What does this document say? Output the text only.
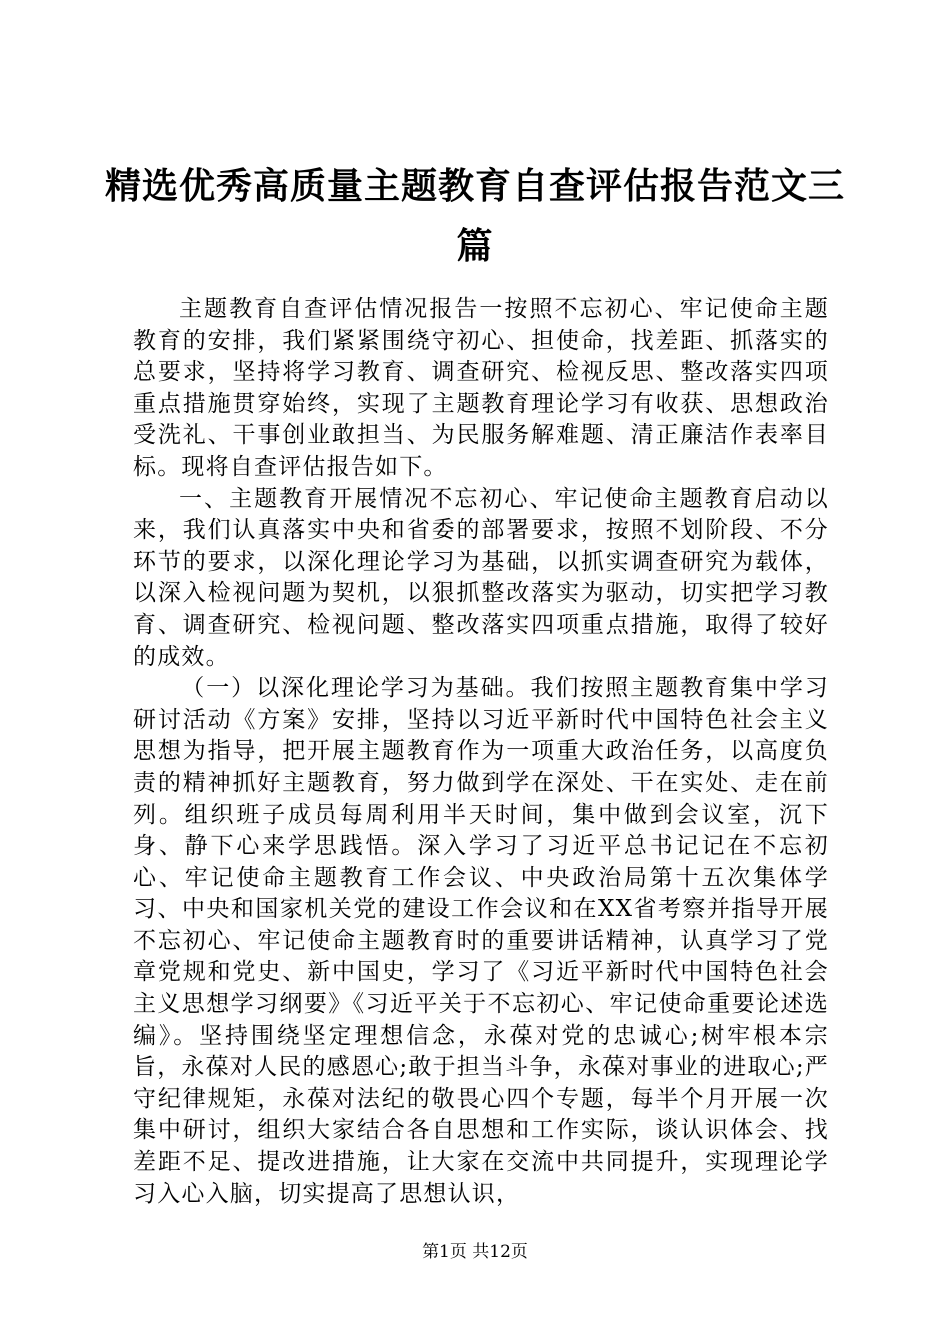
精选优秀高质量主题教育自查评估报告范文三篇

主题教育自查评估情况报告一按照不忘初心、牢记使命主题教育的安排，我们紧紧围绕守初心、担使命，找差距、抓落实的总要求，坚持将学习教育、调查研究、检视反思、整改落实四项重点措施贯穿始终，实现了主题教育理论学习有收获、思想政治受洗礼、干事创业敢担当、为民服务解难题、清正廉洁作表率目标。现将自查评估报告如下。

一、主题教育开展情况不忘初心、牢记使命主题教育启动以来，我们认真落实中央和省委的部署要求，按照不划阶段、不分环节的要求，以深化理论学习为基础，以抓实调查研究为载体，以深入检视问题为契机，以狠抓整改落实为驱动，切实把学习教育、调查研究、检视问题、整改落实四项重点措施，取得了较好的成效。

（一）以深化理论学习为基础。我们按照主题教育集中学习研讨活动《方案》安排，坚持以习近平新时代中国特色社会主义思想为指导，把开展主题教育作为一项重大政治任务，以高度负责的精神抓好主题教育，努力做到学在深处、干在实处、走在前列。组织班子成员每周利用半天时间，集中做到会议室，沉下身、静下心来学思践悟。深入学习了习近平总书记记在不忘初心、牢记使命主题教育工作会议、中央政治局第十五次集体学习、中央和国家机关党的建设工作会议和在XX省考察并指导开展不忘初心、牢记使命主题教育时的重要讲话精神，认真学习了党章党规和党史、新中国史，学习了《习近平新时代中国特色社会主义思想学习纲要》《习近平关于不忘初心、牢记使命重要论述选编》。坚持围绕坚定理想信念，永葆对党的忠诚心;树牢根本宗旨，永葆对人民的感恩心;敢于担当斗争，永葆对事业的进取心;严守纪律规矩，永葆对法纪的敬畏心四个专题，每半个月开展一次集中研讨，组织大家结合各自思想和工作实际，谈认识体会、找差距不足、提改进措施，让大家在交流中共同提升，实现理论学习入心入脑，切实提高了思想认识，

第1页 共12页
